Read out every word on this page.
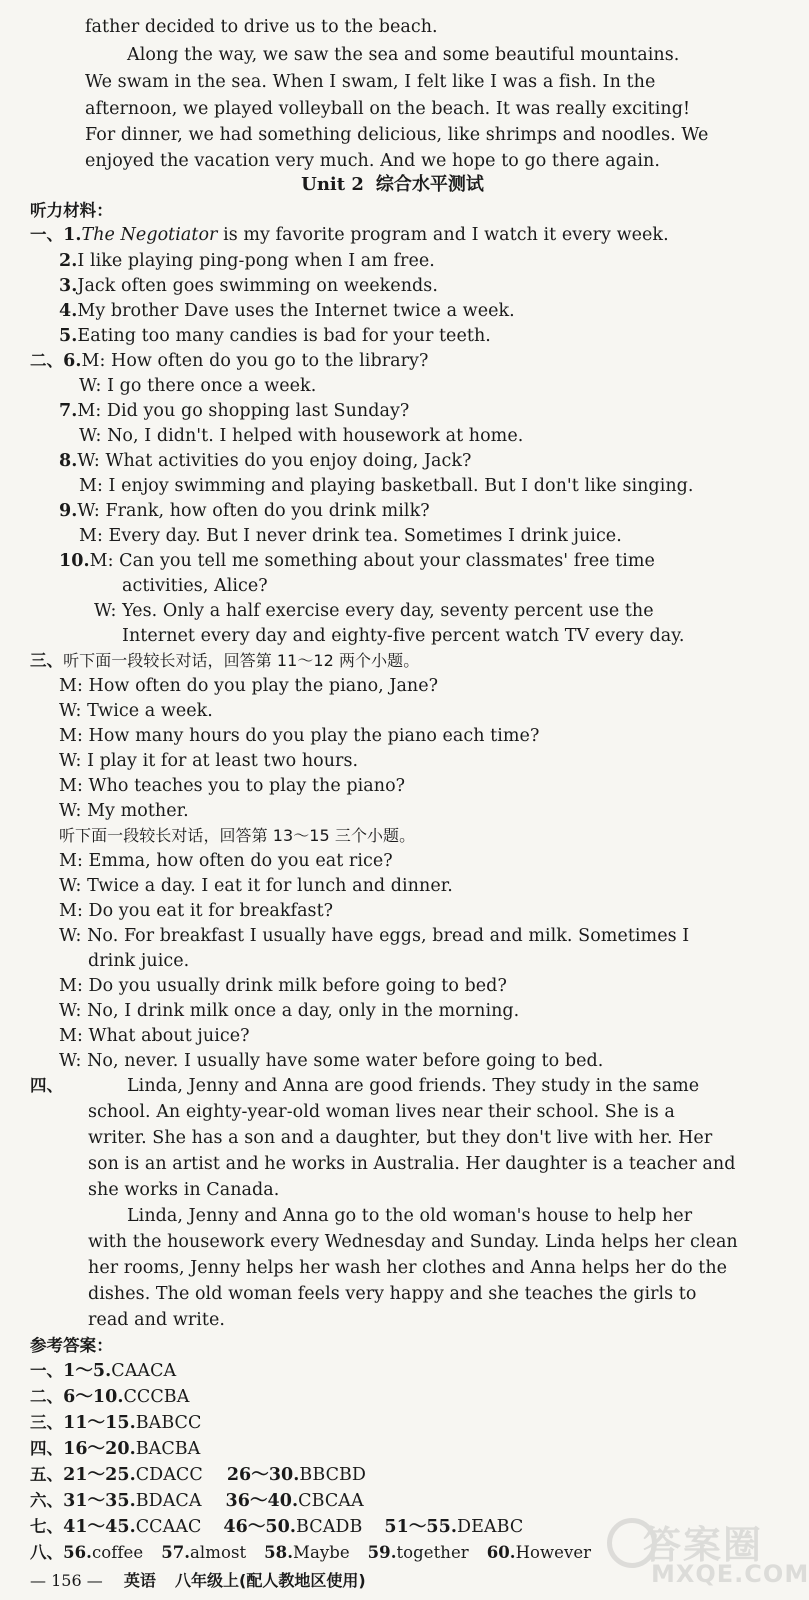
father decided to drive us to the beach.
Along the way, we saw the sea and some beautiful mountains.
We swam in the sea. When I swam, I felt like I was a fish. In the
afternoon, we played volleyball on the beach. It was really exciting!
For dinner, we had something delicious, like shrimps and noodles. We
enjoyed the vacation very much. And we hope to go there again.
Unit 2 综合水平测试
听力材料：
一、1.The Negotiator is my favorite program and I watch it every week.
2.I like playing ping-pong when I am free.
3.Jack often goes swimming on weekends.
4.My brother Dave uses the Internet twice a week.
5.Eating too many candies is bad for your teeth.
二、6.M: How often do you go to the library?
W: I go there once a week.
7.M: Did you go shopping last Sunday?
W: No, I didn't. I helped with housework at home.
8.W: What activities do you enjoy doing, Jack?
M: I enjoy swimming and playing basketball. But I don't like singing.
9.W: Frank, how often do you drink milk?
M: Every day. But I never drink tea. Sometimes I drink juice.
10.M: Can you tell me something about your classmates' free time
activities, Alice?
W: Yes. Only a half exercise every day, seventy percent use the
Internet every day and eighty-five percent watch TV every day.
三、听下面一段较长对话，回答第 11～12 两个小题。
M: How often do you play the piano, Jane?
W: Twice a week.
M: How many hours do you play the piano each time?
W: I play it for at least two hours.
M: Who teaches you to play the piano?
W: My mother.
听下面一段较长对话，回答第 13～15 三个小题。
M: Emma, how often do you eat rice?
W: Twice a day. I eat it for lunch and dinner.
M: Do you eat it for breakfast?
W: No. For breakfast I usually have eggs, bread and milk. Sometimes I
drink juice.
M: Do you usually drink milk before going to bed?
W: No, I drink milk once a day, only in the morning.
M: What about juice?
W: No, never. I usually have some water before going to bed.
四、	Linda, Jenny and Anna are good friends. They study in the same
school. An eighty-year-old woman lives near their school. She is a
writer. She has a son and a daughter, but they don't live with her. Her
son is an artist and he works in Australia. Her daughter is a teacher and
she works in Canada.
Linda, Jenny and Anna go to the old woman's house to help her
with the housework every Wednesday and Sunday. Linda helps her clean
her rooms, Jenny helps her wash her clothes and Anna helps her do the
dishes. The old woman feels very happy and she teaches the girls to
read and write.
参考答案：
一、1～5.CAACA
二、6～10.CCCBA
三、11～15.BABCC
四、16～20.BACBA
五、21～25.CDACC 26～30.BBCBD
六、31～35.BDACA 36～40.CBCAA
七、41～45.CCAAC 46～50.BCADB 51～55.DEABC
八、56.coffee 57.almost 58.Maybe 59.together 60.However
— 156 — 英语 八年级上(配人教地区使用)
答案圈
MXQE.COM
